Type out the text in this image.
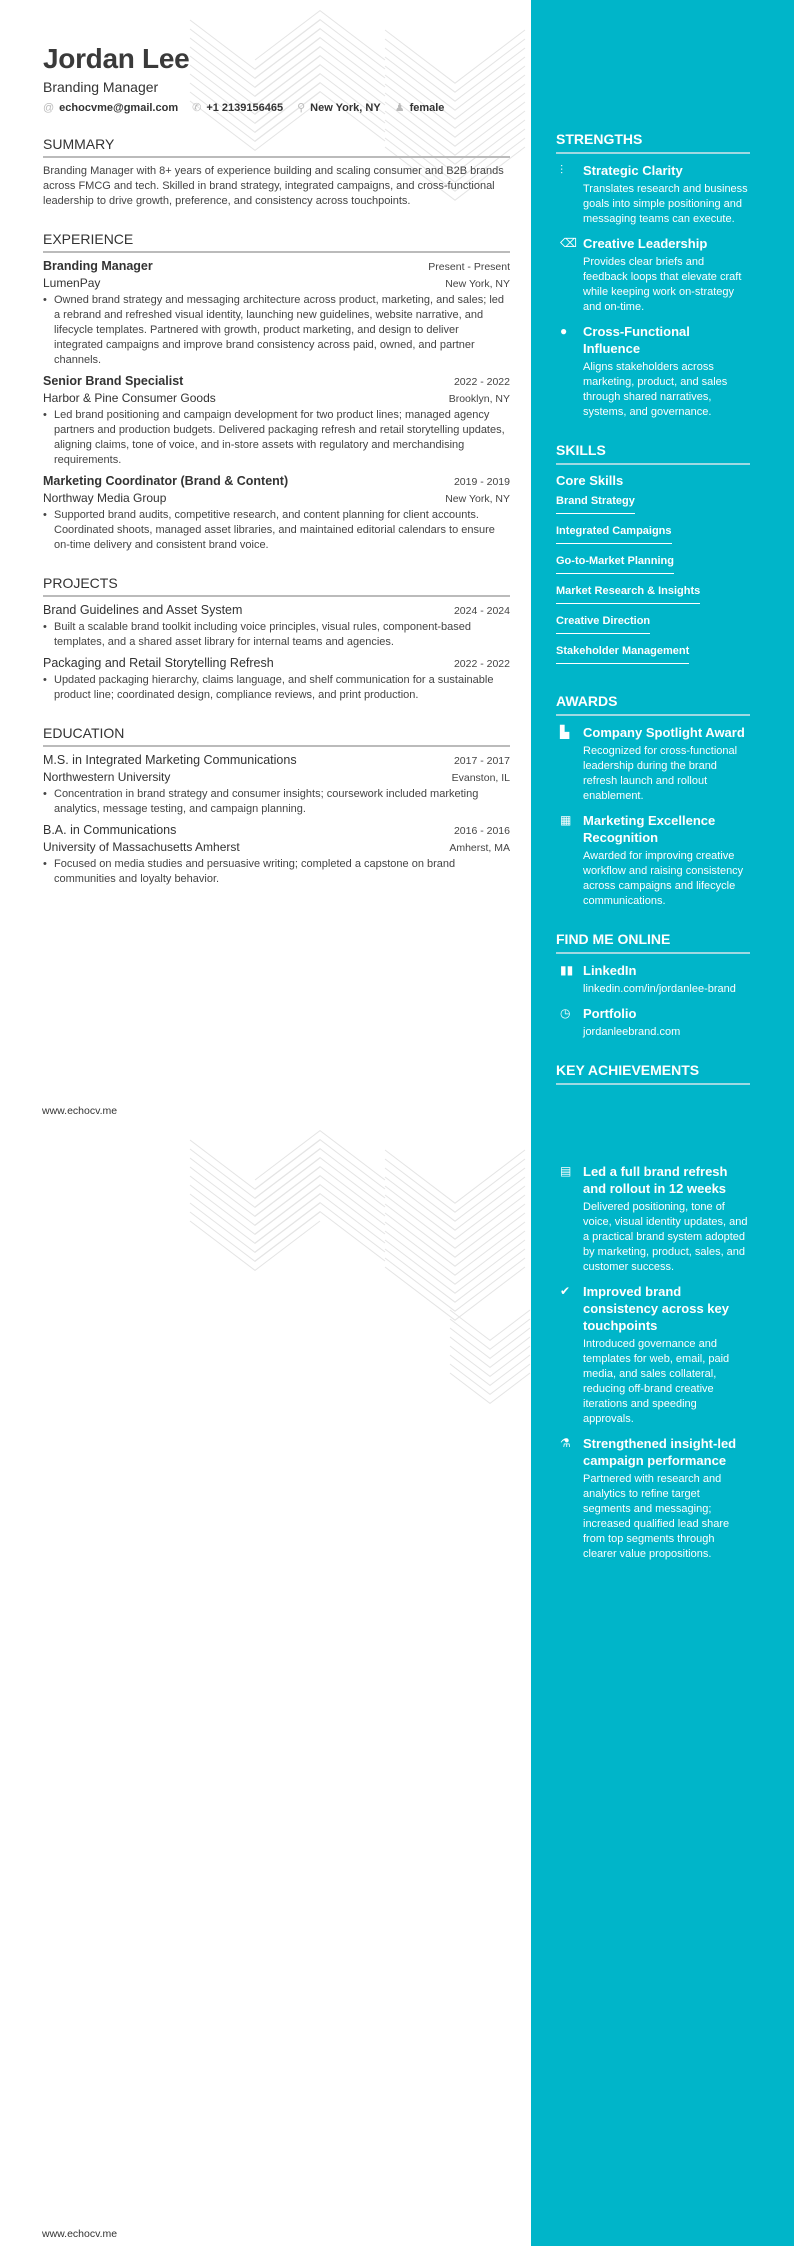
Jordan Lee
Branding Manager
@ echocvme@gmail.com ✆ +1 2139156465 ⚲ New York, NY ♟ female
SUMMARY
Branding Manager with 8+ years of experience building and scaling consumer and B2B brands across FMCG and tech. Skilled in brand strategy, integrated campaigns, and cross-functional leadership to drive growth, preference, and consistency across touchpoints.
EXPERIENCE
Branding Manager	Present - Present
LumenPay	New York, NY
• Owned brand strategy and messaging architecture across product, marketing, and sales; led a rebrand and refreshed visual identity, launching new guidelines, website narrative, and lifecycle templates. Partnered with growth, product marketing, and design to deliver integrated campaigns and improve brand consistency across paid, owned, and partner channels.
Senior Brand Specialist	2022 - 2022
Harbor & Pine Consumer Goods	Brooklyn, NY
• Led brand positioning and campaign development for two product lines; managed agency partners and production budgets. Delivered packaging refresh and retail storytelling updates, aligning claims, tone of voice, and in-store assets with regulatory and merchandising requirements.
Marketing Coordinator (Brand & Content)	2019 - 2019
Northway Media Group	New York, NY
• Supported brand audits, competitive research, and content planning for client accounts. Coordinated shoots, managed asset libraries, and maintained editorial calendars to ensure on-time delivery and consistent brand voice.
PROJECTS
Brand Guidelines and Asset System	2024 - 2024
• Built a scalable brand toolkit including voice principles, visual rules, component-based templates, and a shared asset library for internal teams and agencies.
Packaging and Retail Storytelling Refresh	2022 - 2022
• Updated packaging hierarchy, claims language, and shelf communication for a sustainable product line; coordinated design, compliance reviews, and print production.
EDUCATION
M.S. in Integrated Marketing Communications	2017 - 2017
Northwestern University	Evanston, IL
• Concentration in brand strategy and consumer insights; coursework included marketing analytics, message testing, and campaign planning.
B.A. in Communications	2016 - 2016
University of Massachusetts Amherst	Amherst, MA
• Focused on media studies and persuasive writing; completed a capstone on brand communities and loyalty behavior.
STRENGTHS
⫶	Strategic Clarity
Translates research and business goals into simple positioning and messaging teams can execute.
⌫ Creative Leadership
Provides clear briefs and feedback loops that elevate craft while keeping work on-strategy and on-time.
●	Cross-Functional Influence
Aligns stakeholders across marketing, product, and sales through shared narratives, systems, and governance.
SKILLS
Core Skills
Brand Strategy
Integrated Campaigns
Go-to-Market Planning
Market Research & Insights
Creative Direction
Stakeholder Management
AWARDS
▙	Company Spotlight Award
Recognized for cross-functional leadership during the brand refresh launch and rollout enablement.
▦ Marketing Excellence Recognition
Awarded for improving creative workflow and raising consistency across campaigns and lifecycle communications.
FIND ME ONLINE
▮▮ LinkedIn
linkedin.com/in/jordanlee-brand
◷ Portfolio
jordanleebrand.com
KEY ACHIEVEMENTS
▤ Led a full brand refresh and rollout in 12 weeks
Delivered positioning, tone of voice, visual identity updates, and a practical brand system adopted by marketing, product, sales, and customer success.
✔ Improved brand consistency across key touchpoints
Introduced governance and templates for web, email, paid media, and sales collateral, reducing off-brand creative iterations and speeding approvals.
⚗ Strengthened insight-led campaign performance
Partnered with research and analytics to refine target segments and messaging; increased qualified lead share from top segments through clearer value propositions.
www.echocv.me
www.echocv.me
